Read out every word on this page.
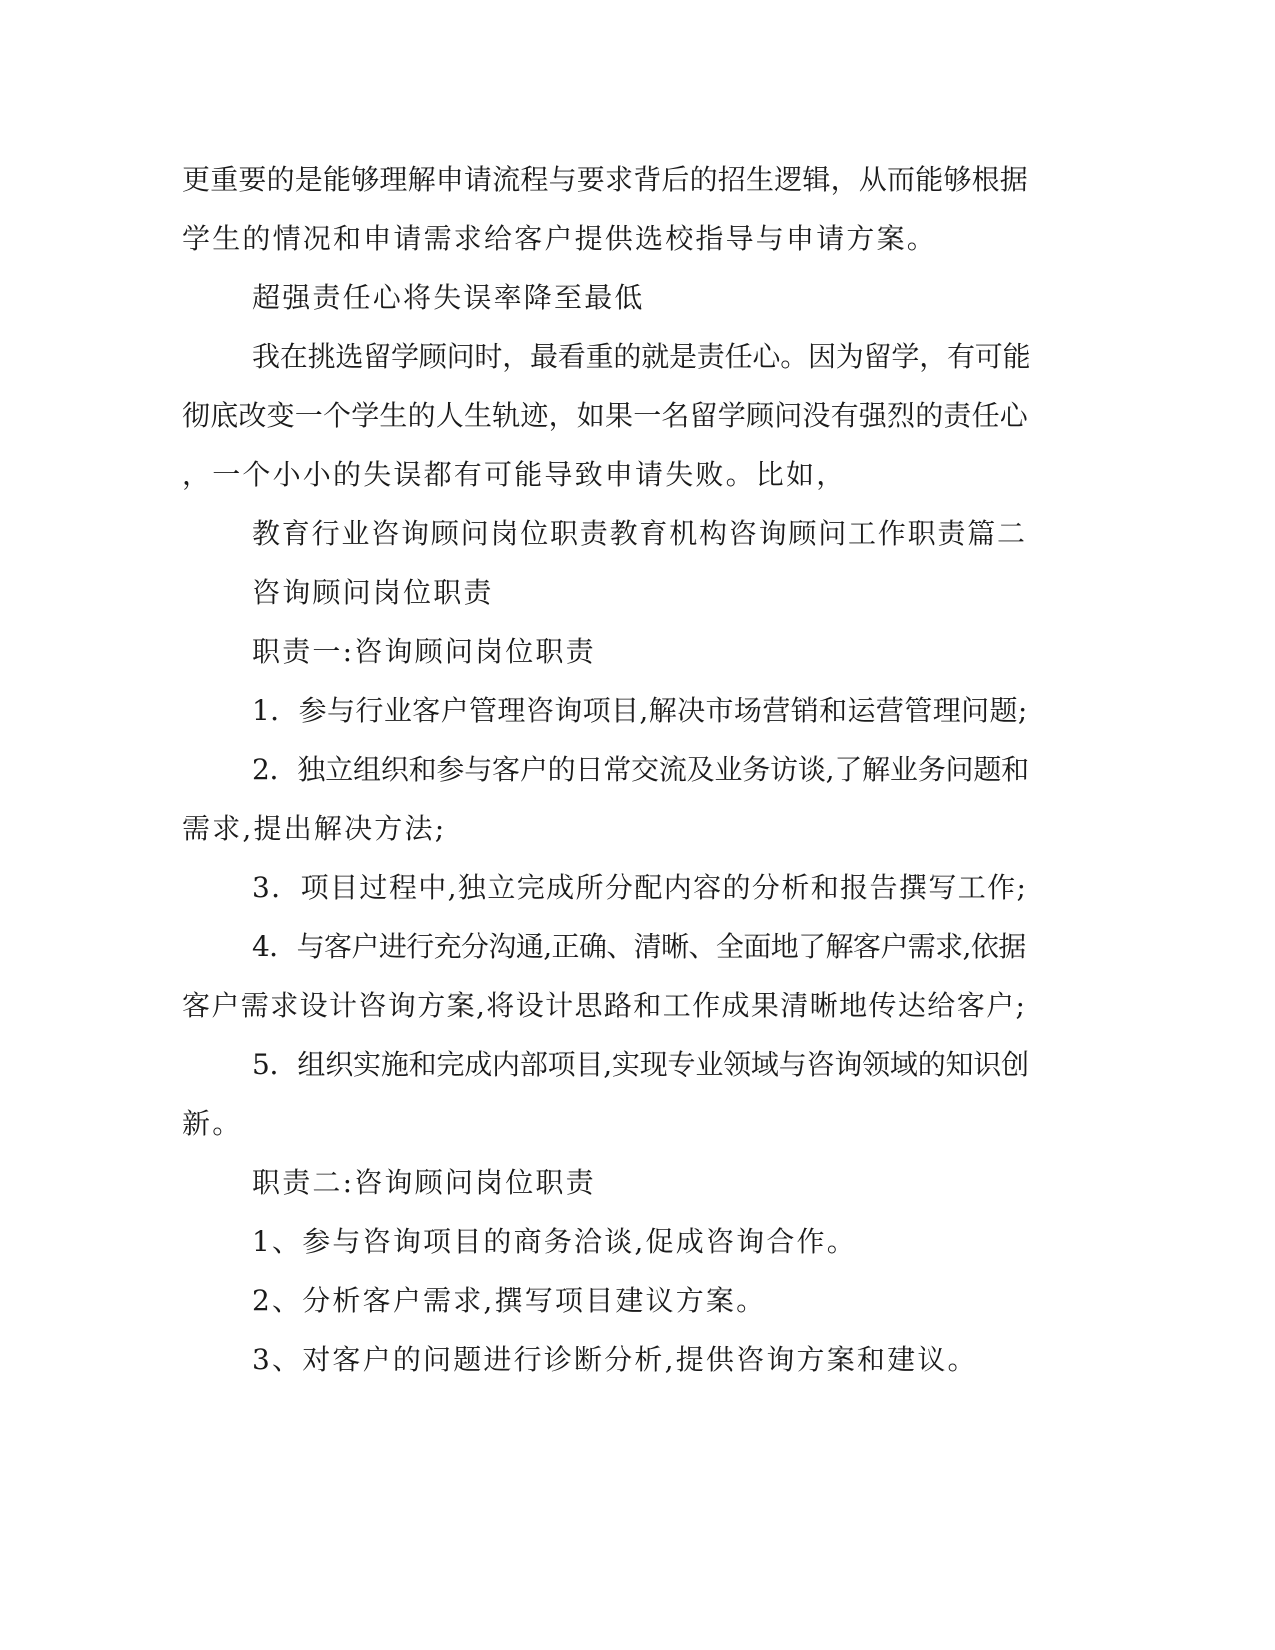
更重要的是能够理解申请流程与要求背后的招生逻辑，从而能够根据

学生的情况和申请需求给客户提供选校指导与申请方案。

超强责任心将失误率降至最低

我在挑选留学顾问时，最看重的就是责任心。因为留学，有可能

彻底改变一个学生的人生轨迹，如果一名留学顾问没有强烈的责任心

，一个小小的失误都有可能导致申请失败。比如，

教育行业咨询顾问岗位职责教育机构咨询顾问工作职责篇二

咨询顾问岗位职责

职责一:咨询顾问岗位职责

1．参与行业客户管理咨询项目,解决市场营销和运营管理问题;

2．独立组织和参与客户的日常交流及业务访谈,了解业务问题和

需求,提出解决方法;

3．项目过程中,独立完成所分配内容的分析和报告撰写工作;

4．与客户进行充分沟通,正确、清晰、全面地了解客户需求,依据

客户需求设计咨询方案,将设计思路和工作成果清晰地传达给客户;

5．组织实施和完成内部项目,实现专业领域与咨询领域的知识创

新。

职责二:咨询顾问岗位职责

1、参与咨询项目的商务洽谈,促成咨询合作。

2、分析客户需求,撰写项目建议方案。

3、对客户的问题进行诊断分析,提供咨询方案和建议。
